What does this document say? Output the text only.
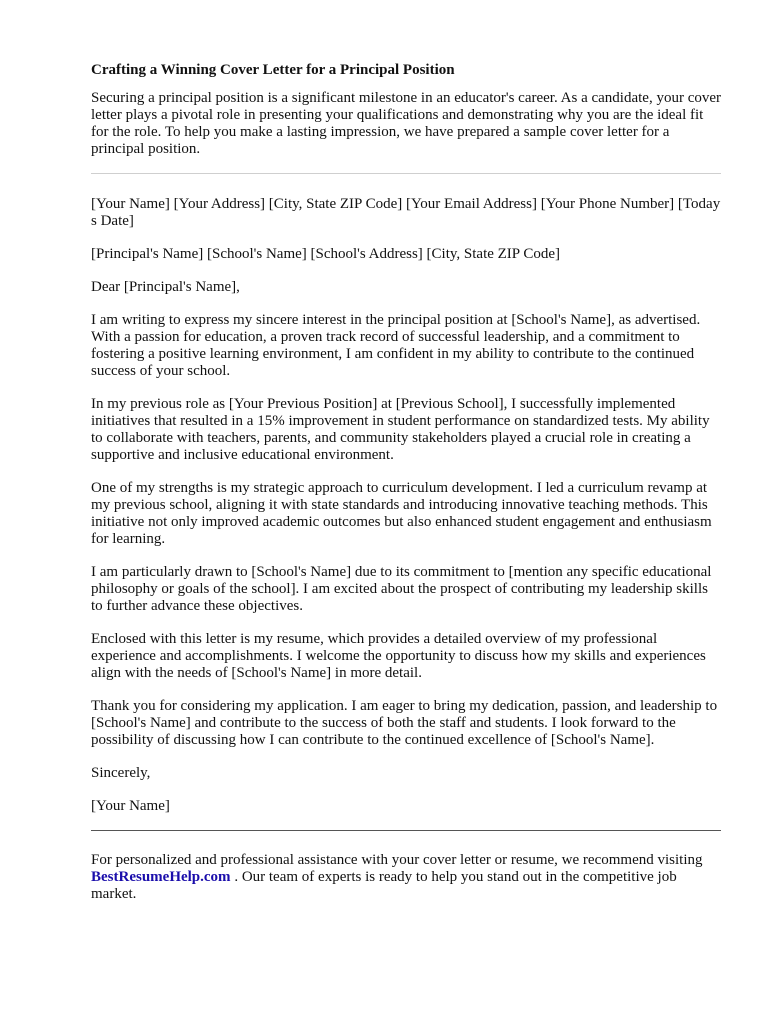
Crafting a Winning Cover Letter for a Principal Position

Securing a principal position is a significant milestone in an educator's career. As a candidate, your cover letter plays a pivotal role in presenting your qualifications and demonstrating why you are the ideal fit for the role. To help you make a lasting impression, we have prepared a sample cover letter for a principal position.

[Your Name] [Your Address] [City, State ZIP Code] [Your Email Address] [Your Phone Number] [Today s Date]

[Principal's Name] [School's Name] [School's Address] [City, State ZIP Code]

Dear [Principal's Name],

I am writing to express my sincere interest in the principal position at [School's Name], as advertised. With a passion for education, a proven track record of successful leadership, and a commitment to fostering a positive learning environment, I am confident in my ability to contribute to the continued success of your school.

In my previous role as [Your Previous Position] at [Previous School], I successfully implemented initiatives that resulted in a 15% improvement in student performance on standardized tests. My ability to collaborate with teachers, parents, and community stakeholders played a crucial role in creating a supportive and inclusive educational environment.

One of my strengths is my strategic approach to curriculum development. I led a curriculum revamp at my previous school, aligning it with state standards and introducing innovative teaching methods. This initiative not only improved academic outcomes but also enhanced student engagement and enthusiasm for learning.

I am particularly drawn to [School's Name] due to its commitment to [mention any specific educational philosophy or goals of the school]. I am excited about the prospect of contributing my leadership skills to further advance these objectives.

Enclosed with this letter is my resume, which provides a detailed overview of my professional experience and accomplishments. I welcome the opportunity to discuss how my skills and experiences align with the needs of [School's Name] in more detail.

Thank you for considering my application. I am eager to bring my dedication, passion, and leadership to [School's Name] and contribute to the success of both the staff and students. I look forward to the possibility of discussing how I can contribute to the continued excellence of [School's Name].

Sincerely,

[Your Name]

For personalized and professional assistance with your cover letter or resume, we recommend visiting BestResumeHelp.com . Our team of experts is ready to help you stand out in the competitive job market.
